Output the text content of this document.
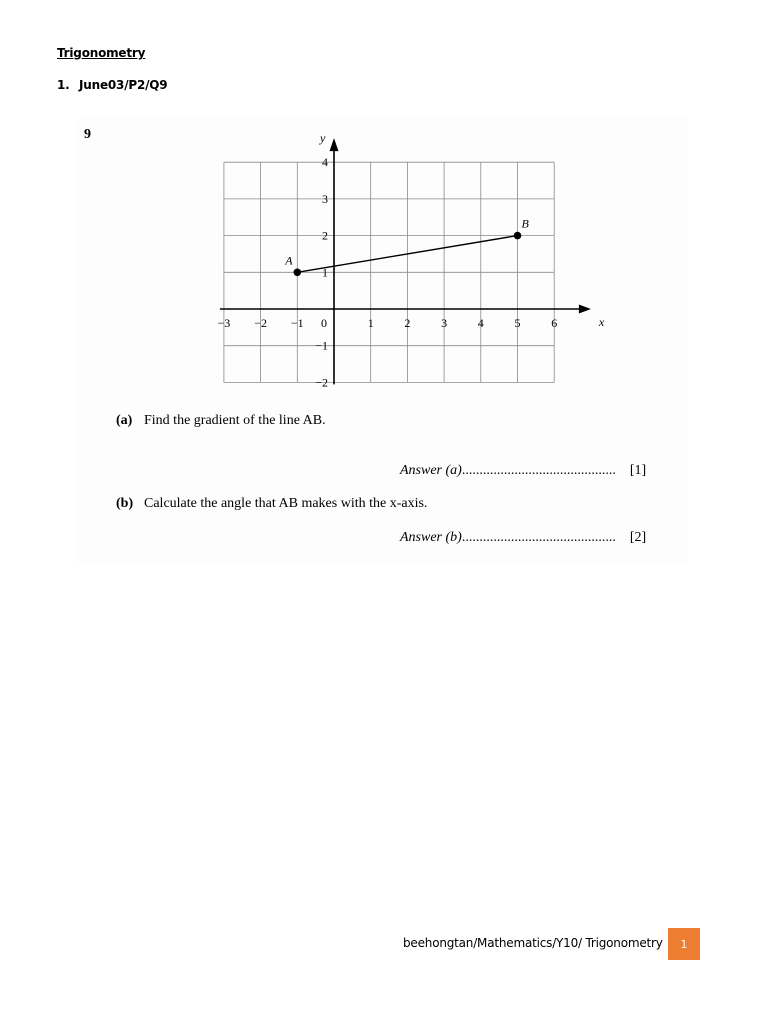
Trigonometry
1. June03/P2/Q9
−3 −2 −1 0	1	2	3	4	5	6
4
3
2
1
−1
−2
x
y
A
B
9
(a) Find the gradient of the line AB.
Answer (a)............................................ [1]
(b) Calculate the angle that AB makes with the x-axis.
Answer (b)............................................ [2]
beehongtan/Mathematics/Y10/ Trigonometry	1
